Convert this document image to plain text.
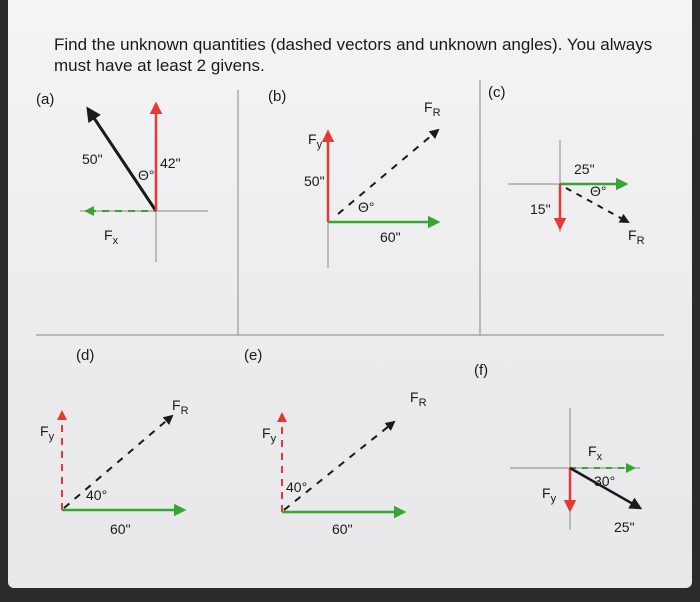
(a)
50"
Θ°
42"
$F_x$
(b)
$F_y$
50"
Θ°
60"
$F_R$
(c)
25"
Θ°
15"
$F_R$
(d)
$F_y$
40°
60"
$F_R$
(e)
$F_y$
40°
60"
$F_R$
(f)
$F_x$
30°
$F_y$
25"
Find the unknown quantities (dashed vectors and unknown angles). You always must have at least 2 givens.
